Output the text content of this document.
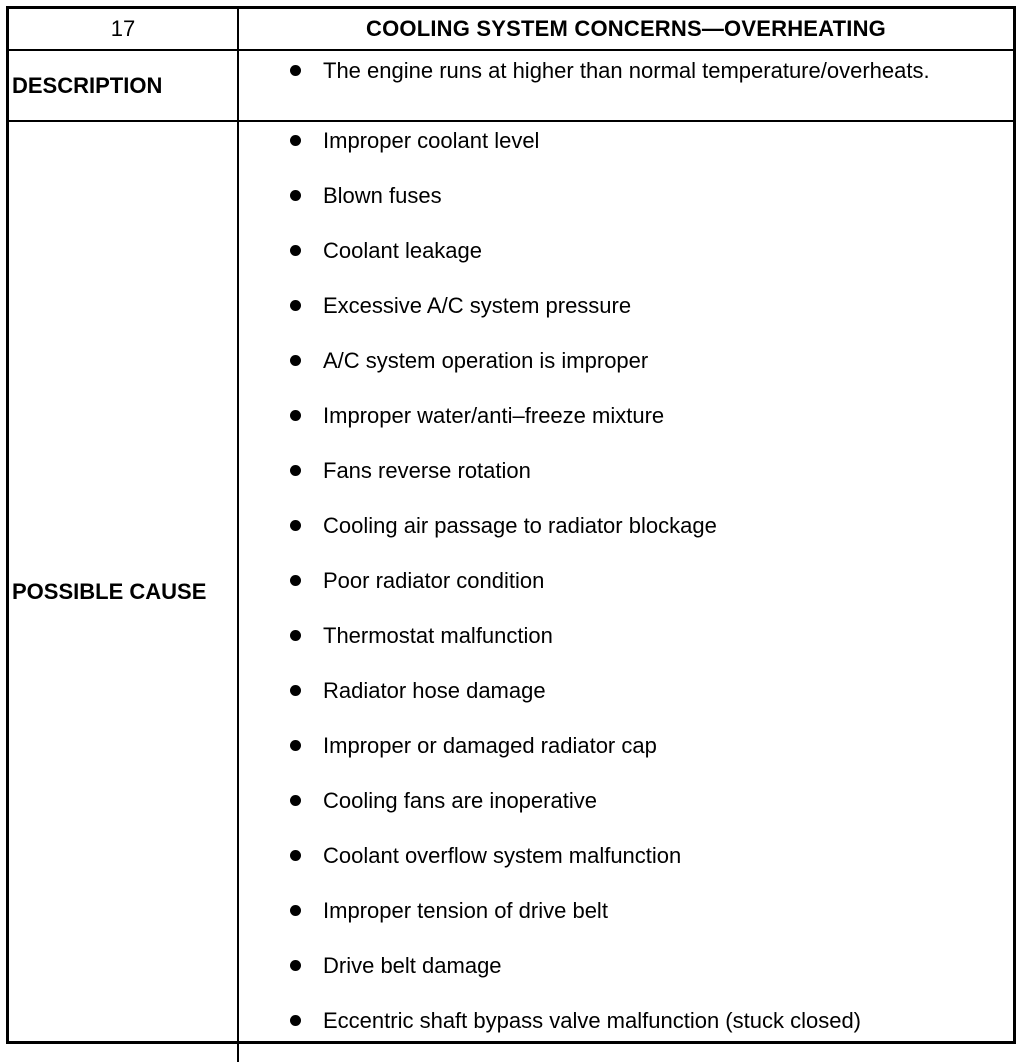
17	COOLING SYSTEM CONCERNS—OVERHEATING
DESCRIPTION
The engine runs at higher than normal temperature/overheats.
POSSIBLE CAUSE
Improper coolant level
Blown fuses
Coolant leakage
Excessive A/C system pressure
A/C system operation is improper
Improper water/anti–freeze mixture
Fans reverse rotation
Cooling air passage to radiator blockage
Poor radiator condition
Thermostat malfunction
Radiator hose damage
Improper or damaged radiator cap
Cooling fans are inoperative
Coolant overflow system malfunction
Improper tension of drive belt
Drive belt damage
Eccentric shaft bypass valve malfunction (stuck closed)
